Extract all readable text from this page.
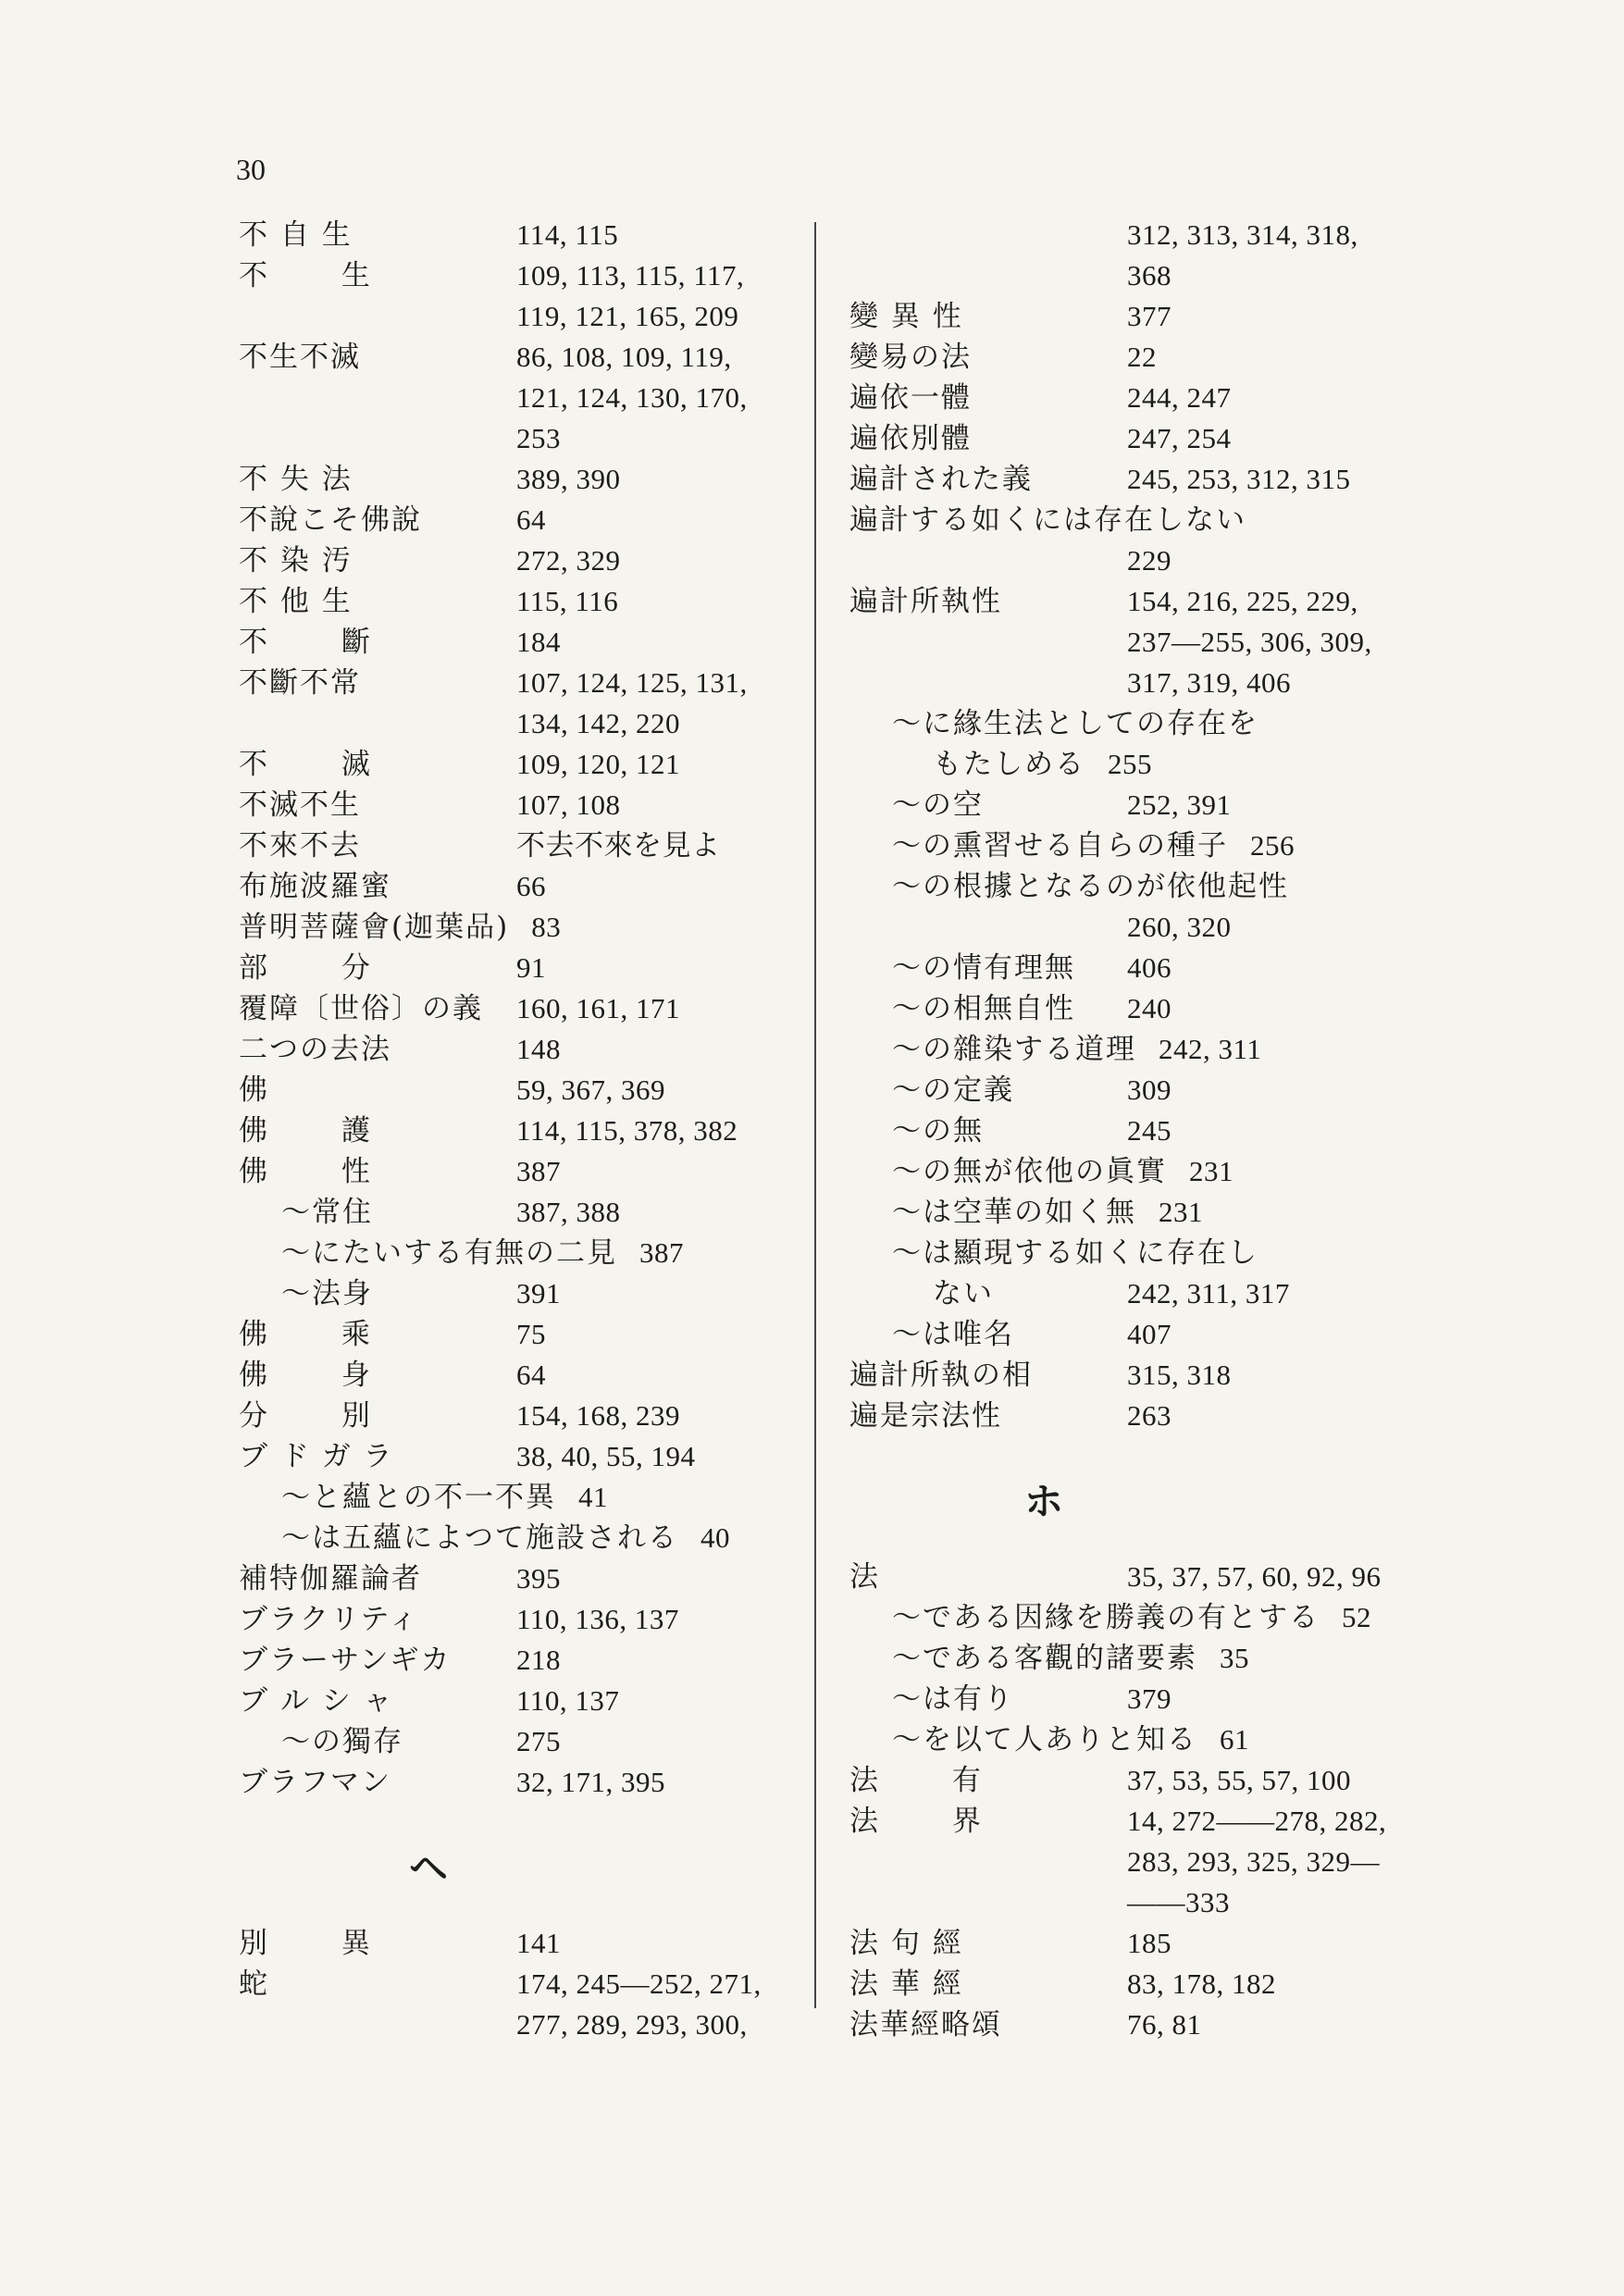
30
不 自 生	114, 115
不　　 生	109, 113, 115, 117,
119, 121, 165, 209
不生不滅	86, 108, 109, 119,
121, 124, 130, 170,
253
不 失 法	389, 390
不說こそ佛說	64
不 染 汚	272, 329
不 他 生	115, 116
不　　 斷	184
不斷不常	107, 124, 125, 131,
134, 142, 220
不　　 滅	109, 120, 121
不滅不生	107, 108
不來不去	不去不來を見よ
布施波羅蜜	66
普明菩薩會(迦葉品) 83
部　　 分	91
覆障〔世俗〕の義 160, 161, 171
二つの去法	148
佛	59, 367, 369
佛　　 護	114, 115, 378, 382
佛　　 性	387
～常住	387, 388
～にたいする有無の二見 387
～法身	391
佛　　 乘	75
佛　　 身	64
分　　 別	154, 168, 239
ブ ド ガ ラ	38, 40, 55, 194
～と蘊との不一不異 41
～は五蘊によつて施設される 40
補特伽羅論者	395
ブラクリティ	110, 136, 137
ブラーサンギカ 218
ブ ル シ ャ	110, 137
～の獨存	275
ブラフマン	32, 171, 395
ヘ
別　　 異	141
蛇	174, 245—252, 271,
277, 289, 293, 300,
312, 313, 314, 318,
368
變 異 性	377
變易の法	22
遍依一體	244, 247
遍依別體	247, 254
遍計された義	245, 253, 312, 315
遍計する如くには存在しない
229
遍計所執性	154, 216, 225, 229,
237—255, 306, 309,
317, 319, 406
～に緣生法としての存在を
もたしめる 255
～の空	252, 391
～の熏習せる自らの種子 256
～の根據となるのが依他起性
260, 320
～の情有理無 406
～の相無自性 240
～の雜染する道理 242, 311
～の定義	309
～の無	245
～の無が依他の眞實 231
～は空華の如く無 231
～は顯現する如くに存在し
ない	242, 311, 317
～は唯名	407
遍計所執の相	315, 318
遍是宗法性	263
ホ
法	35, 37, 57, 60, 92, 96
～である因緣を勝義の有とする 52
～である客觀的諸要素 35
～は有り	379
～を以て人ありと知る 61
法　　 有	37, 53, 55, 57, 100
法　　 界	14, 272——278, 282,
283, 293, 325, 329—
——333
法 句 經	185
法 華 經	83, 178, 182
法華經略頌	76, 81
